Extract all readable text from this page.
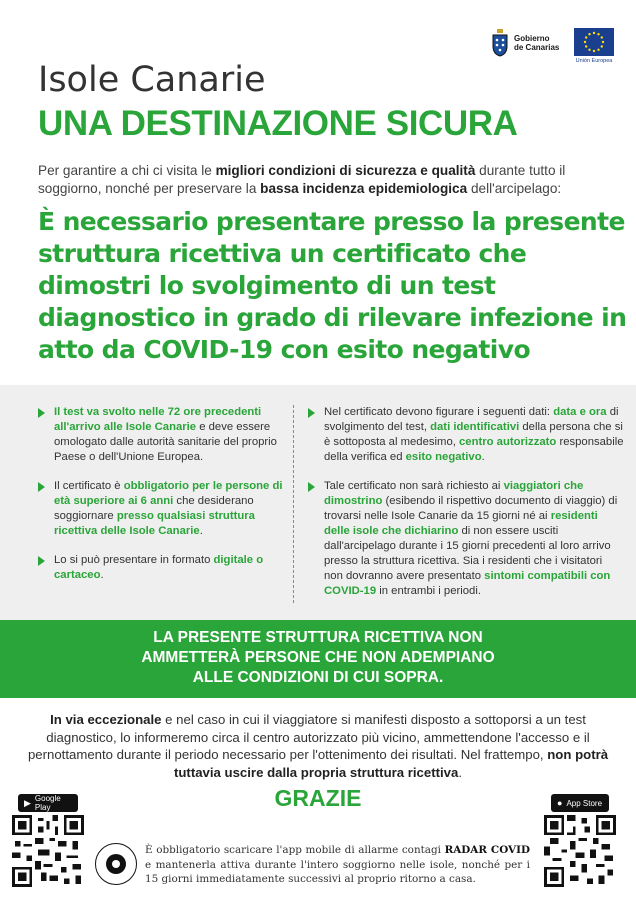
Gobierno de Canarias
Unión Europea
Isole Canarie
UNA DESTINAZIONE SICURA
Per garantire a chi ci visita le migliori condizioni di sicurezza e qualità durante tutto il soggiorno, nonché per preservare la bassa incidenza epidemiologica dell'arcipelago:
È necessario presentare presso la presente struttura ricettiva un certificato che dimostri lo svolgimento di un test diagnostico in grado di rilevare infezione in atto da COVID-19 con esito negativo
Il test va svolto nelle 72 ore precedenti all'arrivo alle Isole Canarie e deve essere omologato dalle autorità sanitarie del proprio Paese o dell'Unione Europea.
Il certificato è obbligatorio per le persone di età superiore ai 6 anni che desiderano soggiornare presso qualsiasi struttura ricettiva delle Isole Canarie.
Lo si può presentare in formato digitale o cartaceo.
Nel certificato devono figurare i seguenti dati: data e ora di svolgimento del test, dati identificativi della persona che si è sottoposta al medesimo, centro autorizzato responsabile della verifica ed esito negativo.
Tale certificato non sarà richiesto ai viaggiatori che dimostrino (esibendo il rispettivo documento di viaggio) di trovarsi nelle Isole Canarie da 15 giorni né ai residenti delle isole che dichiarino di non essere usciti dall'arcipelago durante i 15 giorni precedenti al loro arrivo presso la struttura ricettiva. Sia i residenti che i visitatori non dovranno avere presentato sintomi compatibili con COVID-19 in entrambi i periodi.
LA PRESENTE STRUTTURA RICETTIVA NON
AMMETTERÀ PERSONE CHE NON ADEMPIANO
ALLE CONDIZIONI DI CUI SOPRA.
In via eccezionale e nel caso in cui il viaggiatore si manifesti disposto a sottoporsi a un test diagnostico, lo informeremo circa il centro autorizzato più vicino, ammettendone l'accesso e il pernottamento durante il periodo necessario per l'ottenimento dei risultati. Nel frattempo, non potrà tuttavia uscire dalla propria struttura ricettiva.
▶ Google Play	● App Store
GRAZIE
È obbligatorio scaricare l'app mobile di allarme contagi RADAR COVID e mantenerla attiva durante l'intero soggiorno nelle isole, nonché per i 15 giorni immediatamente successivi al proprio ritorno a casa.
